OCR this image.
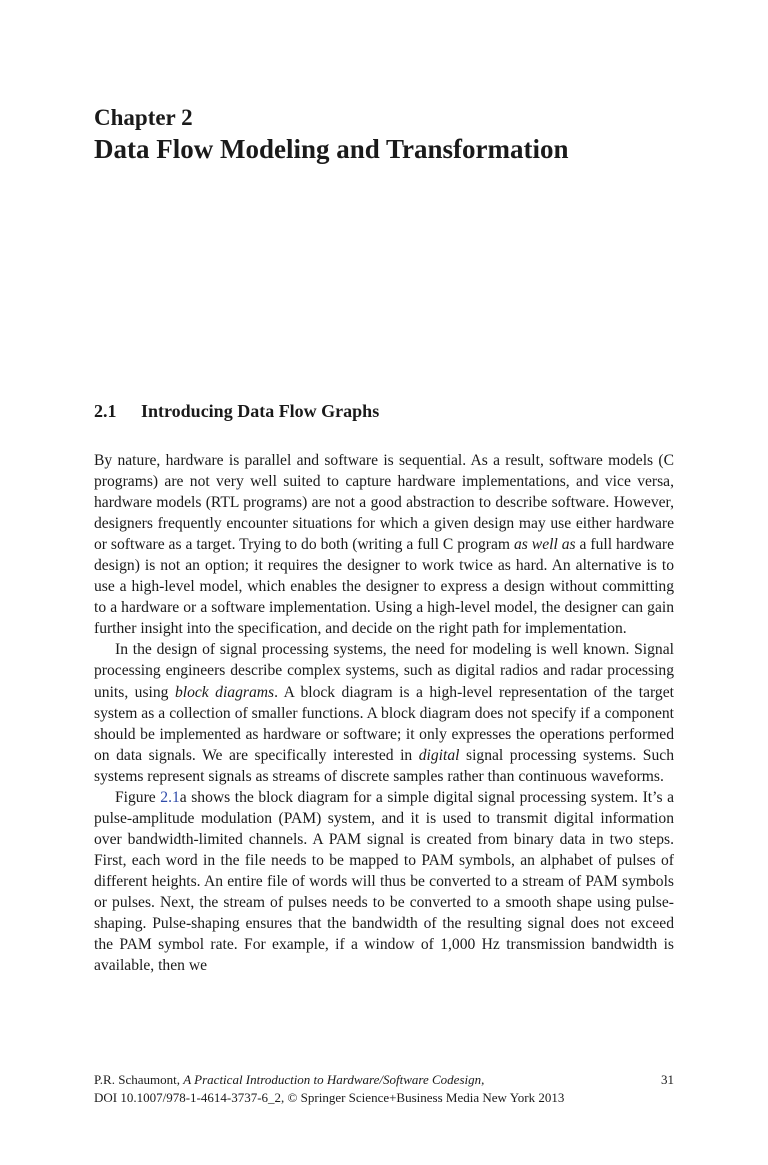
Chapter 2
Data Flow Modeling and Transformation
2.1 Introducing Data Flow Graphs

By nature, hardware is parallel and software is sequential. As a result, software models (C programs) are not very well suited to capture hardware implementations, and vice versa, hardware models (RTL programs) are not a good abstraction to describe software. However, designers frequently encounter situations for which a given design may use either hardware or software as a target. Trying to do both (writing a full C program as well as a full hardware design) is not an option; it requires the designer to work twice as hard. An alternative is to use a high-level model, which enables the designer to express a design without committing to a hardware or a software implementation. Using a high-level model, the designer can gain further insight into the specification, and decide on the right path for implementation.

In the design of signal processing systems, the need for modeling is well known. Signal processing engineers describe complex systems, such as digital radios and radar processing units, using block diagrams. A block diagram is a high-level representation of the target system as a collection of smaller functions. A block diagram does not specify if a component should be implemented as hardware or software; it only expresses the operations performed on data signals. We are specifically interested in digital signal processing systems. Such systems represent signals as streams of discrete samples rather than continuous waveforms.

Figure 2.1a shows the block diagram for a simple digital signal processing system. It’s a pulse-amplitude modulation (PAM) system, and it is used to transmit digital information over bandwidth-limited channels. A PAM signal is created from binary data in two steps. First, each word in the file needs to be mapped to PAM symbols, an alphabet of pulses of different heights. An entire file of words will thus be converted to a stream of PAM symbols or pulses. Next, the stream of pulses needs to be converted to a smooth shape using pulse-shaping. Pulse-shaping ensures that the bandwidth of the resulting signal does not exceed the PAM symbol rate. For example, if a window of 1,000 Hz transmission bandwidth is available, then we

P.R. Schaumont, A Practical Introduction to Hardware/Software Codesign,	31
DOI 10.1007/978-1-4614-3737-6_2, © Springer Science+Business Media New York 2013
